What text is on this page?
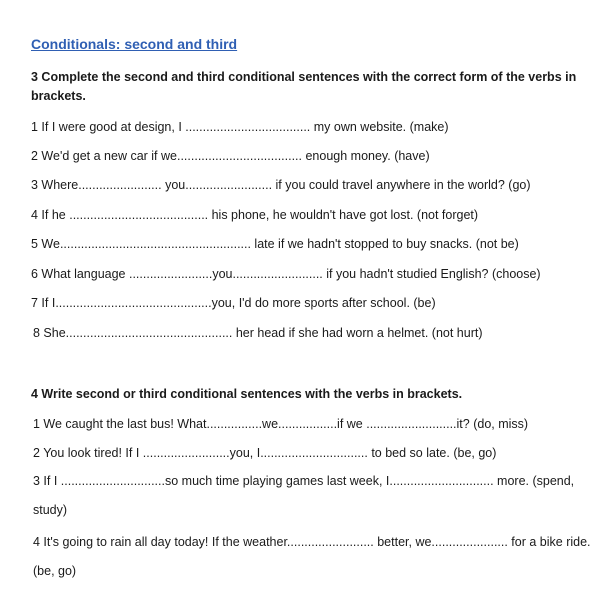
Conditionals: second and third
3 Complete the second and third conditional sentences with the correct form of the verbs in brackets.
1 If I were good at design, I .................................... my own website. (make)
2 We'd get a new car if we.................................... enough money. (have)
3 Where........................ you......................... if you could travel anywhere in the world? (go)
4 If he ........................................ his phone, he wouldn't have got lost. (not forget)
5 We....................................................... late if we hadn't stopped to buy snacks. (not be)
6 What language ........................you.......................... if you hadn't studied English? (choose)
7 If I.............................................you, I'd do more sports after school. (be)
8 She................................................ her head if she had worn a helmet. (not hurt)
4 Write second or third conditional sentences with the verbs in brackets.
1 We caught the last bus! What................we.................if we ..........................it? (do, miss)
2 You look tired! If I .........................you, I............................... to bed so late. (be, go)
3 If I ..............................so much time playing games last week, I.............................. more. (spend, study)
4 It's going to rain all day today! If the weather......................... better, we...................... for a bike ride. (be, go)
